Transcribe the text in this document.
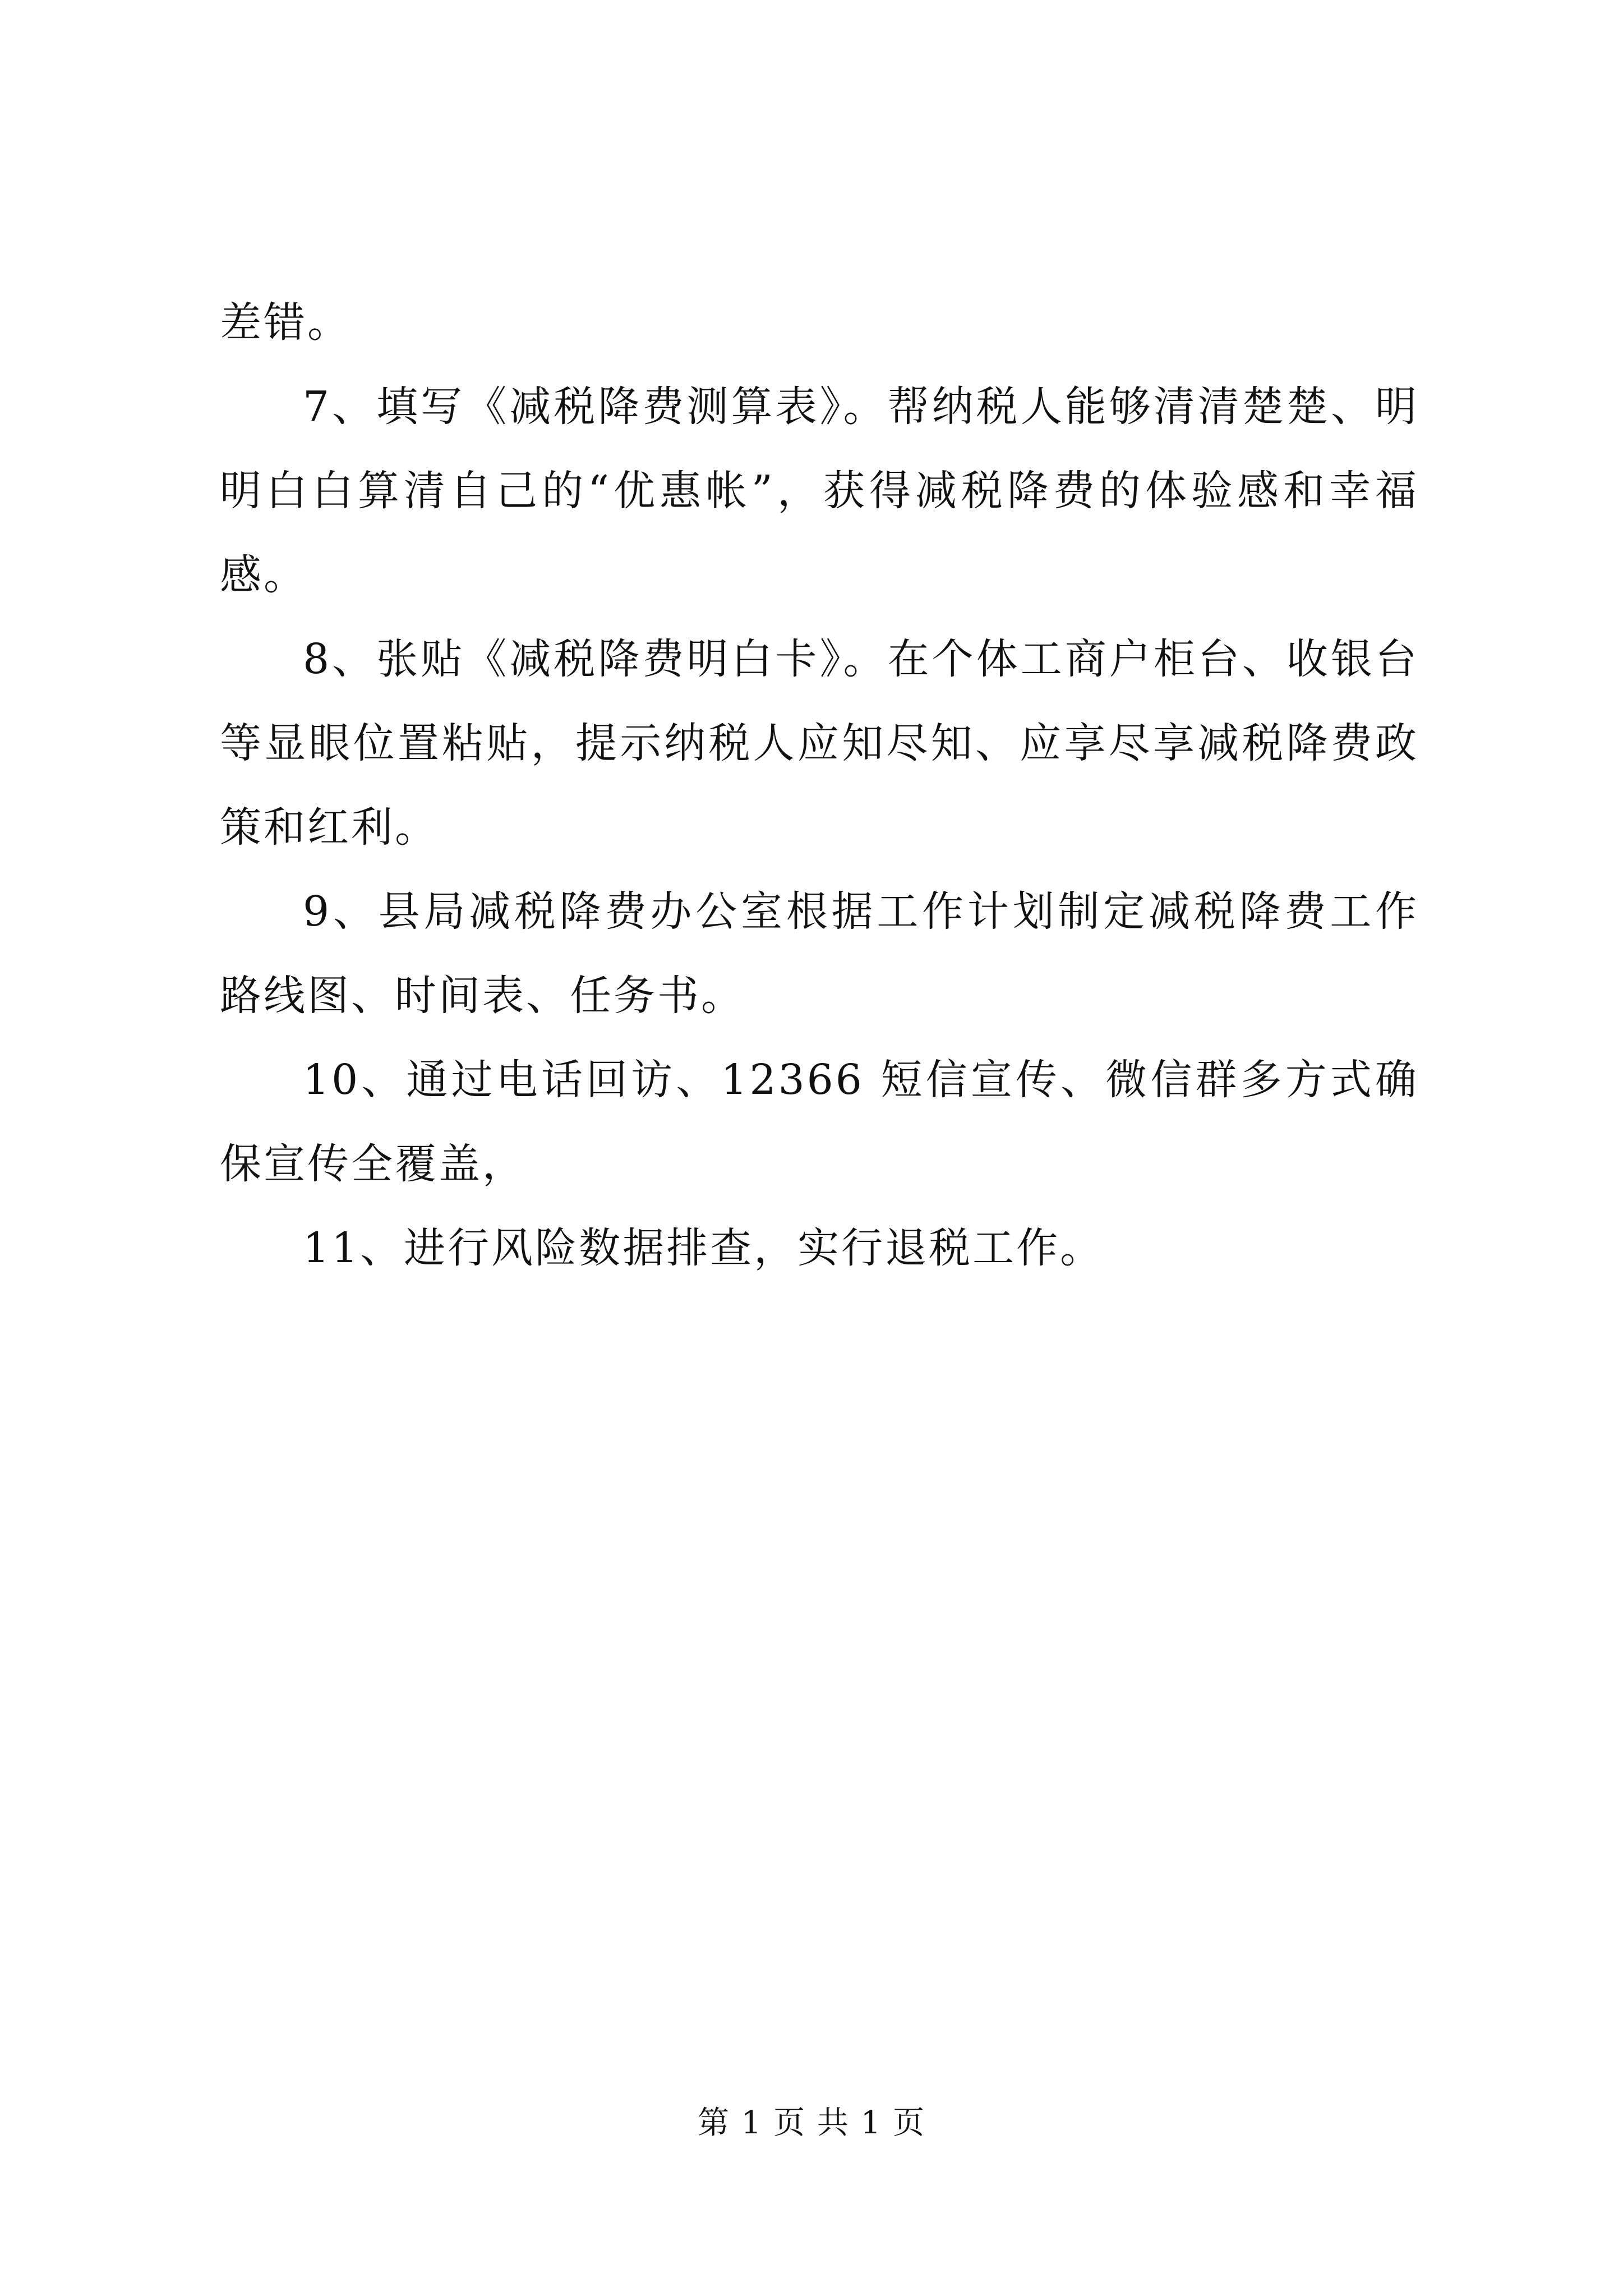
差错。

7、填写《减税降费测算表》。帮纳税人能够清清楚楚、明明白白算清自己的“优惠帐”，获得减税降费的体验感和幸福感。

8、张贴《减税降费明白卡》。在个体工商户柜台、收银台等显眼位置粘贴，提示纳税人应知尽知、应享尽享减税降费政策和红利。

9、县局减税降费办公室根据工作计划制定减税降费工作路线图、时间表、任务书。

10、通过电话回访、12366 短信宣传、微信群多方式确保宣传全覆盖，

11、进行风险数据排查，实行退税工作。

第 1 页 共 1 页
